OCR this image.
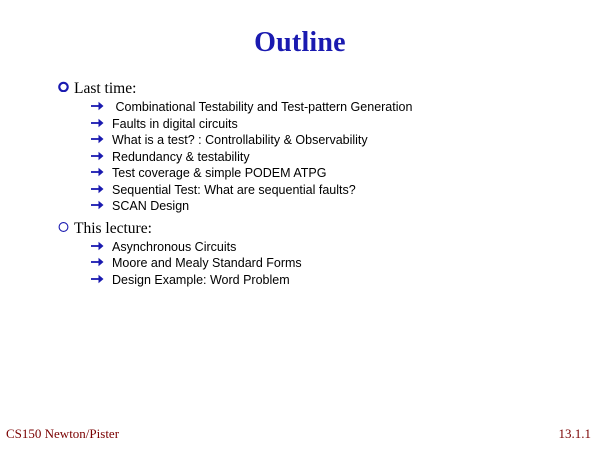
Outline
Last time:
Combinational Testability and Test-pattern Generation
Faults in digital circuits
What is a test? : Controllability & Observability
Redundancy & testability
Test coverage & simple PODEM ATPG
Sequential Test: What are sequential faults?
SCAN Design
This lecture:
Asynchronous Circuits
Moore and Mealy Standard Forms
Design Example: Word Problem
CS150 Newton/Pister	13.1.1
